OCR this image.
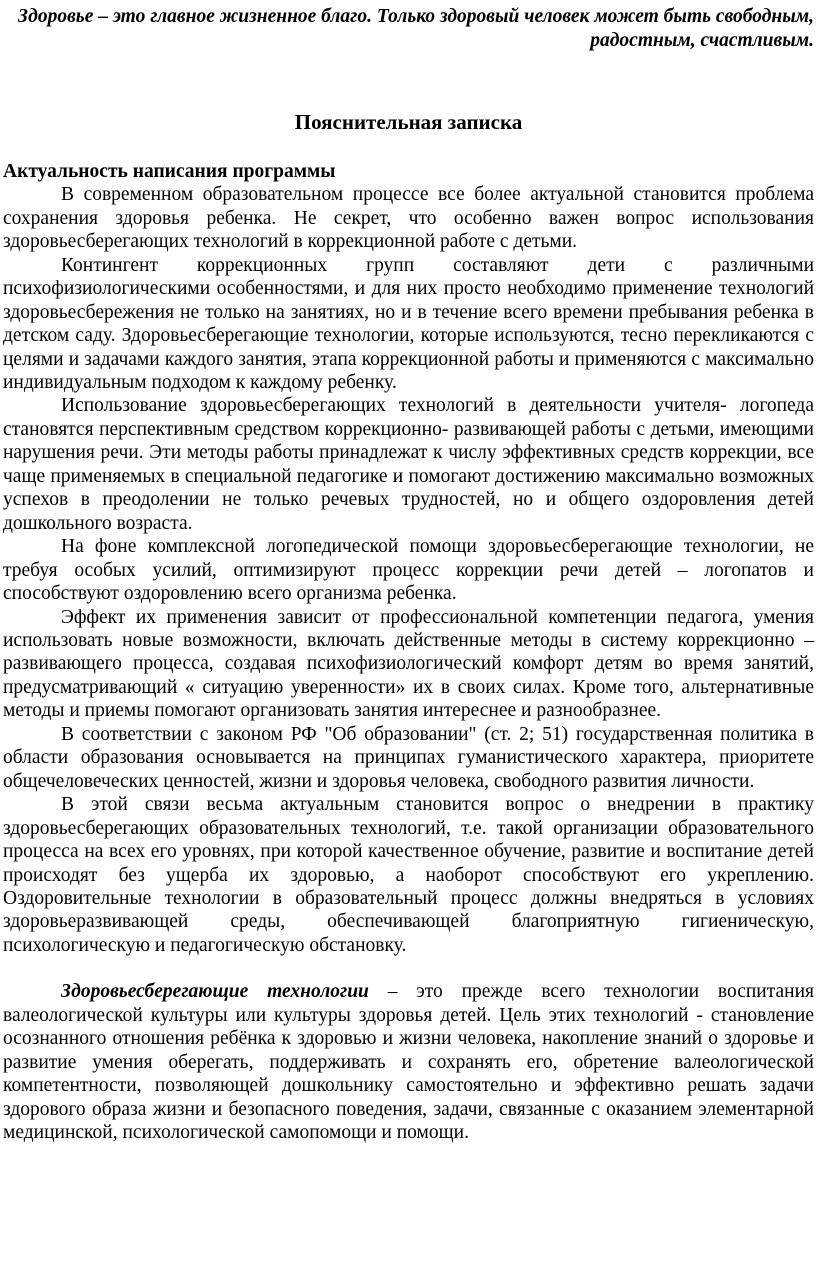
Здоровье – это главное жизненное благо. Только здоровый человек может быть свободным, радостным, счастливым.

Пояснительная записка
Актуальность написания программы

В современном образовательном процессе все более актуальной становится проблема сохранения здоровья ребенка. Не секрет, что особенно важен вопрос использования здоровьесберегающих технологий в коррекционной работе с детьми.

Контингент коррекционных групп составляют дети с различными психофизиологическими особенностями, и для них просто необходимо применение технологий здоровьесбережения не только на занятиях, но и в течение всего времени пребывания ребенка в детском саду. Здоровьесберегающие технологии, которые используются, тесно перекликаются с целями и задачами каждого занятия, этапа коррекционной работы и применяются с максимально индивидуальным подходом к каждому ребенку.

Использование здоровьесберегающих технологий в деятельности учителя- логопеда становятся перспективным средством коррекционно- развивающей работы с детьми, имеющими нарушения речи. Эти методы работы принадлежат к числу эффективных средств коррекции, все чаще применяемых в специальной педагогике и помогают достижению максимально возможных успехов в преодолении не только речевых трудностей, но и общего оздоровления детей дошкольного возраста.

На фоне комплексной логопедической помощи здоровьесберегающие технологии, не требуя особых усилий, оптимизируют процесс коррекции речи детей – логопатов и способствуют оздоровлению всего организма ребенка.

Эффект их применения зависит от профессиональной компетенции педагога, умения использовать новые возможности, включать действенные методы в систему коррекционно – развивающего процесса, создавая психофизиологический комфорт детям во время занятий, предусматривающий « ситуацию уверенности» их в своих силах. Кроме того, альтернативные методы и приемы помогают организовать занятия интереснее и разнообразнее.

В соответствии с законом РФ "Об образовании" (ст. 2; 51) государственная политика в области образования основывается на принципах гуманистического характера, приоритете общечеловеческих ценностей, жизни и здоровья человека, свободного развития личности.

В этой связи весьма актуальным становится вопрос о внедрении в практику здоровьесберегающих образовательных технологий, т.е. такой организации образовательного процесса на всех его уровнях, при которой качественное обучение, развитие и воспитание детей происходят без ущерба их здоровью, а наоборот способствуют его укреплению. Оздоровительные технологии в образовательный процесс должны внедряться в условиях здоровьеразвивающей среды, обеспечивающей благоприятную гигиеническую, психологическую и педагогическую обстановку.

Здоровьесберегающие технологии – это прежде всего технологии воспитания валеологической культуры или культуры здоровья детей. Цель этих технологий - становление осознанного отношения ребёнка к здоровью и жизни человека, накопление знаний о здоровье и развитие умения оберегать, поддерживать и сохранять его, обретение валеологической компетентности, позволяющей дошкольнику самостоятельно и эффективно решать задачи здорового образа жизни и безопасного поведения, задачи, связанные с оказанием элементарной медицинской, психологической самопомощи и помощи.
